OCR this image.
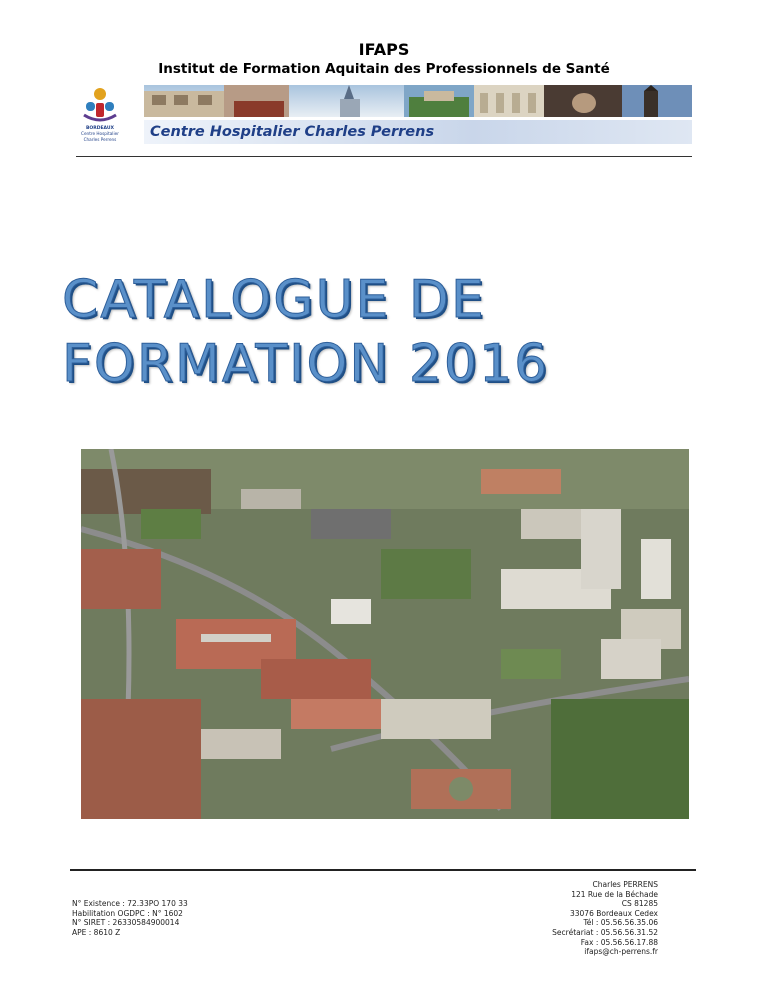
IFAPS
Institut de Formation Aquitain des Professionnels de Santé
BORDEAUX
Centre Hospitalier
Charles Perrens	Centre Hospitalier Charles Perrens
CATALOGUE DE
FORMATION 2016
N° Existence : 72.33PO 170 33
Habilitation OGDPC : N° 1602
N° SIRET : 26330584900014
APE : 8610 Z
Charles PERRENS
121 Rue de la Béchade
CS 81285
33076 Bordeaux Cedex
Tél : 05.56.56.35.06
Secrétariat : 05.56.56.31.52
Fax : 05.56.56.17.88
ifaps@ch-perrens.fr
